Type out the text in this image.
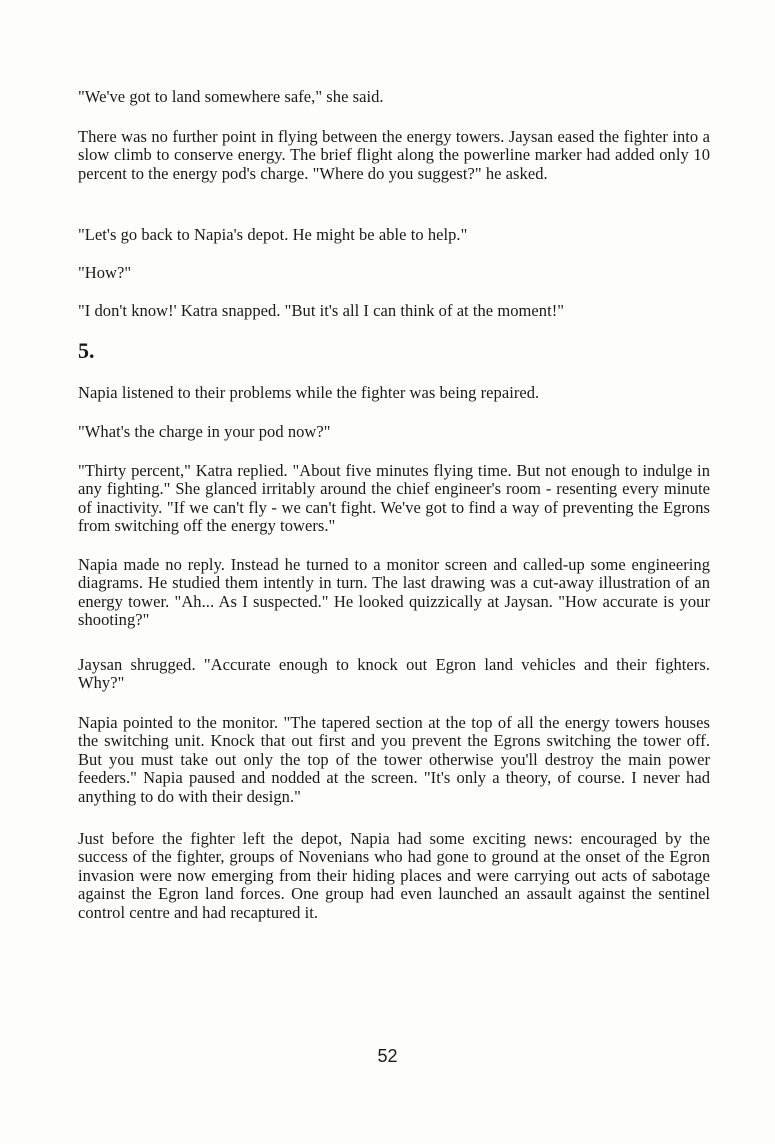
"We've got to land somewhere safe," she said.

There was no further point in flying between the energy towers. Jaysan eased the fighter into a slow climb to conserve energy. The brief flight along the powerline marker had added only 10 percent to the energy pod's charge. "Where do you suggest?" he asked.

"Let's go back to Napia's depot. He might be able to help."

"How?"

"I don't know!' Katra snapped. "But it's all I can think of at the moment!"

5.

Napia listened to their problems while the fighter was being repaired.

"What's the charge in your pod now?"

"Thirty percent," Katra replied. "About five minutes flying time. But not enough to indulge in any fighting." She glanced irritably around the chief engineer's room - resenting every minute of inactivity. "If we can't fly - we can't fight. We've got to find a way of preventing the Egrons from switching off the energy towers."

Napia made no reply. Instead he turned to a monitor screen and called-up some engineering diagrams. He studied them intently in turn. The last drawing was a cut-away illustration of an energy tower. "Ah... As I suspected." He looked quizzically at Jaysan. "How accurate is your shooting?"

Jaysan shrugged. "Accurate enough to knock out Egron land vehicles and their fighters. Why?"

Napia pointed to the monitor. "The tapered section at the top of all the energy towers houses the switching unit. Knock that out first and you prevent the Egrons switching the tower off. But you must take out only the top of the tower otherwise you'll destroy the main power feeders." Napia paused and nodded at the screen. "It's only a theory, of course. I never had anything to do with their design."

Just before the fighter left the depot, Napia had some exciting news: encouraged by the success of the fighter, groups of Novenians who had gone to ground at the onset of the Egron invasion were now emerging from their hiding places and were carrying out acts of sabotage against the Egron land forces. One group had even launched an assault against the sentinel control centre and had recaptured it.

52
